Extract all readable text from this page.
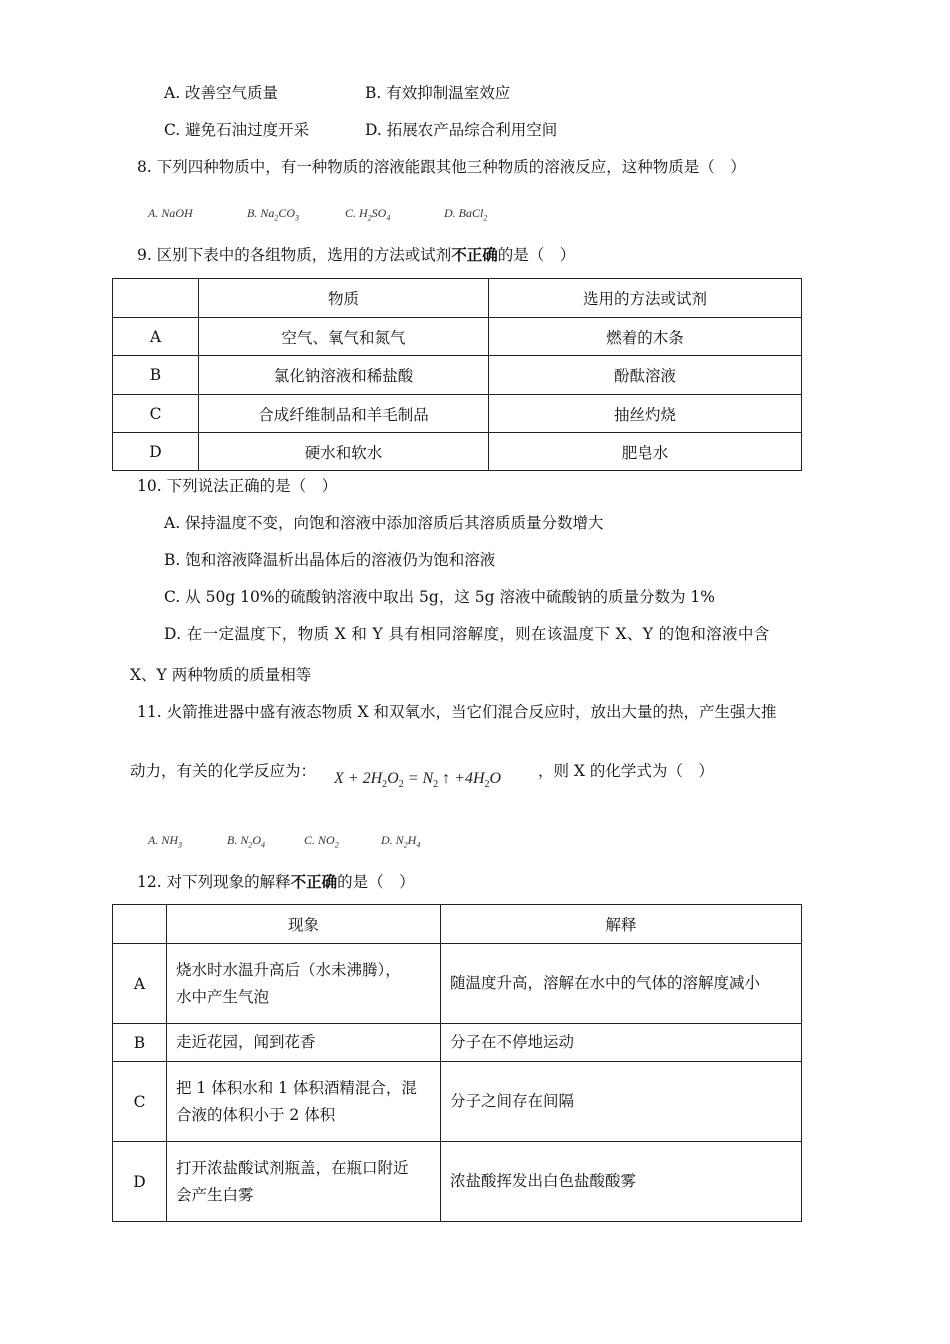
A. 改善空气质量	B. 有效抑制温室效应
C. 避免石油过度开采	D. 拓展农产品综合利用空间
8. 下列四种物质中，有一种物质的溶液能跟其他三种物质的溶液反应，这种物质是（　）
A. NaOH	B. $Na_2CO_3$	C. $H_2SO_4$	D. BaCl$_2$
9. 区别下表中的各组物质，选用的方法或试剂不正确的是（　）
	物质	选用的方法或试剂
A	空气、氧气和氮气	燃着的木条
B	氯化钠溶液和稀盐酸	酚酞溶液
C	合成纤维制品和羊毛制品	抽丝灼烧
D	硬水和软水	肥皂水
10. 下列说法正确的是（　）
A. 保持温度不变，向饱和溶液中添加溶质后其溶质质量分数增大
B. 饱和溶液降温析出晶体后的溶液仍为饱和溶液
C. 从 50g 10%的硫酸钠溶液中取出 5g，这 5g 溶液中硫酸钠的质量分数为 1%
D. 在一定温度下，物质 X 和 Y 具有相同溶解度，则在该温度下 X、Y 的饱和溶液中含
X、Y 两种物质的质量相等
11. 火箭推进器中盛有液态物质 X 和双氧水，当它们混合反应时，放出大量的热，产生强大推
动力，有关的化学反应为： $X + 2H_2O_2 = N_2$ ↑ $+4H_2O$ ，则 X 的化学式为（　）
A. $NH_3$	B. $N_2O_4$	C. $NO_2$	D. $N_2H_4$
12. 对下列现象的解释不正确的是（　）
	现象	解释
A	烧水时水温升高后（水未沸腾），
水中产生气泡	随温度升高，溶解在水中的气体的溶解度减小
B	走近花园，闻到花香	分子在不停地运动
C	把 1 体积水和 1 体积酒精混合，混
合液的体积小于 2 体积	分子之间存在间隔
D	打开浓盐酸试剂瓶盖，在瓶口附近
会产生白雾	浓盐酸挥发出白色盐酸酸雾
